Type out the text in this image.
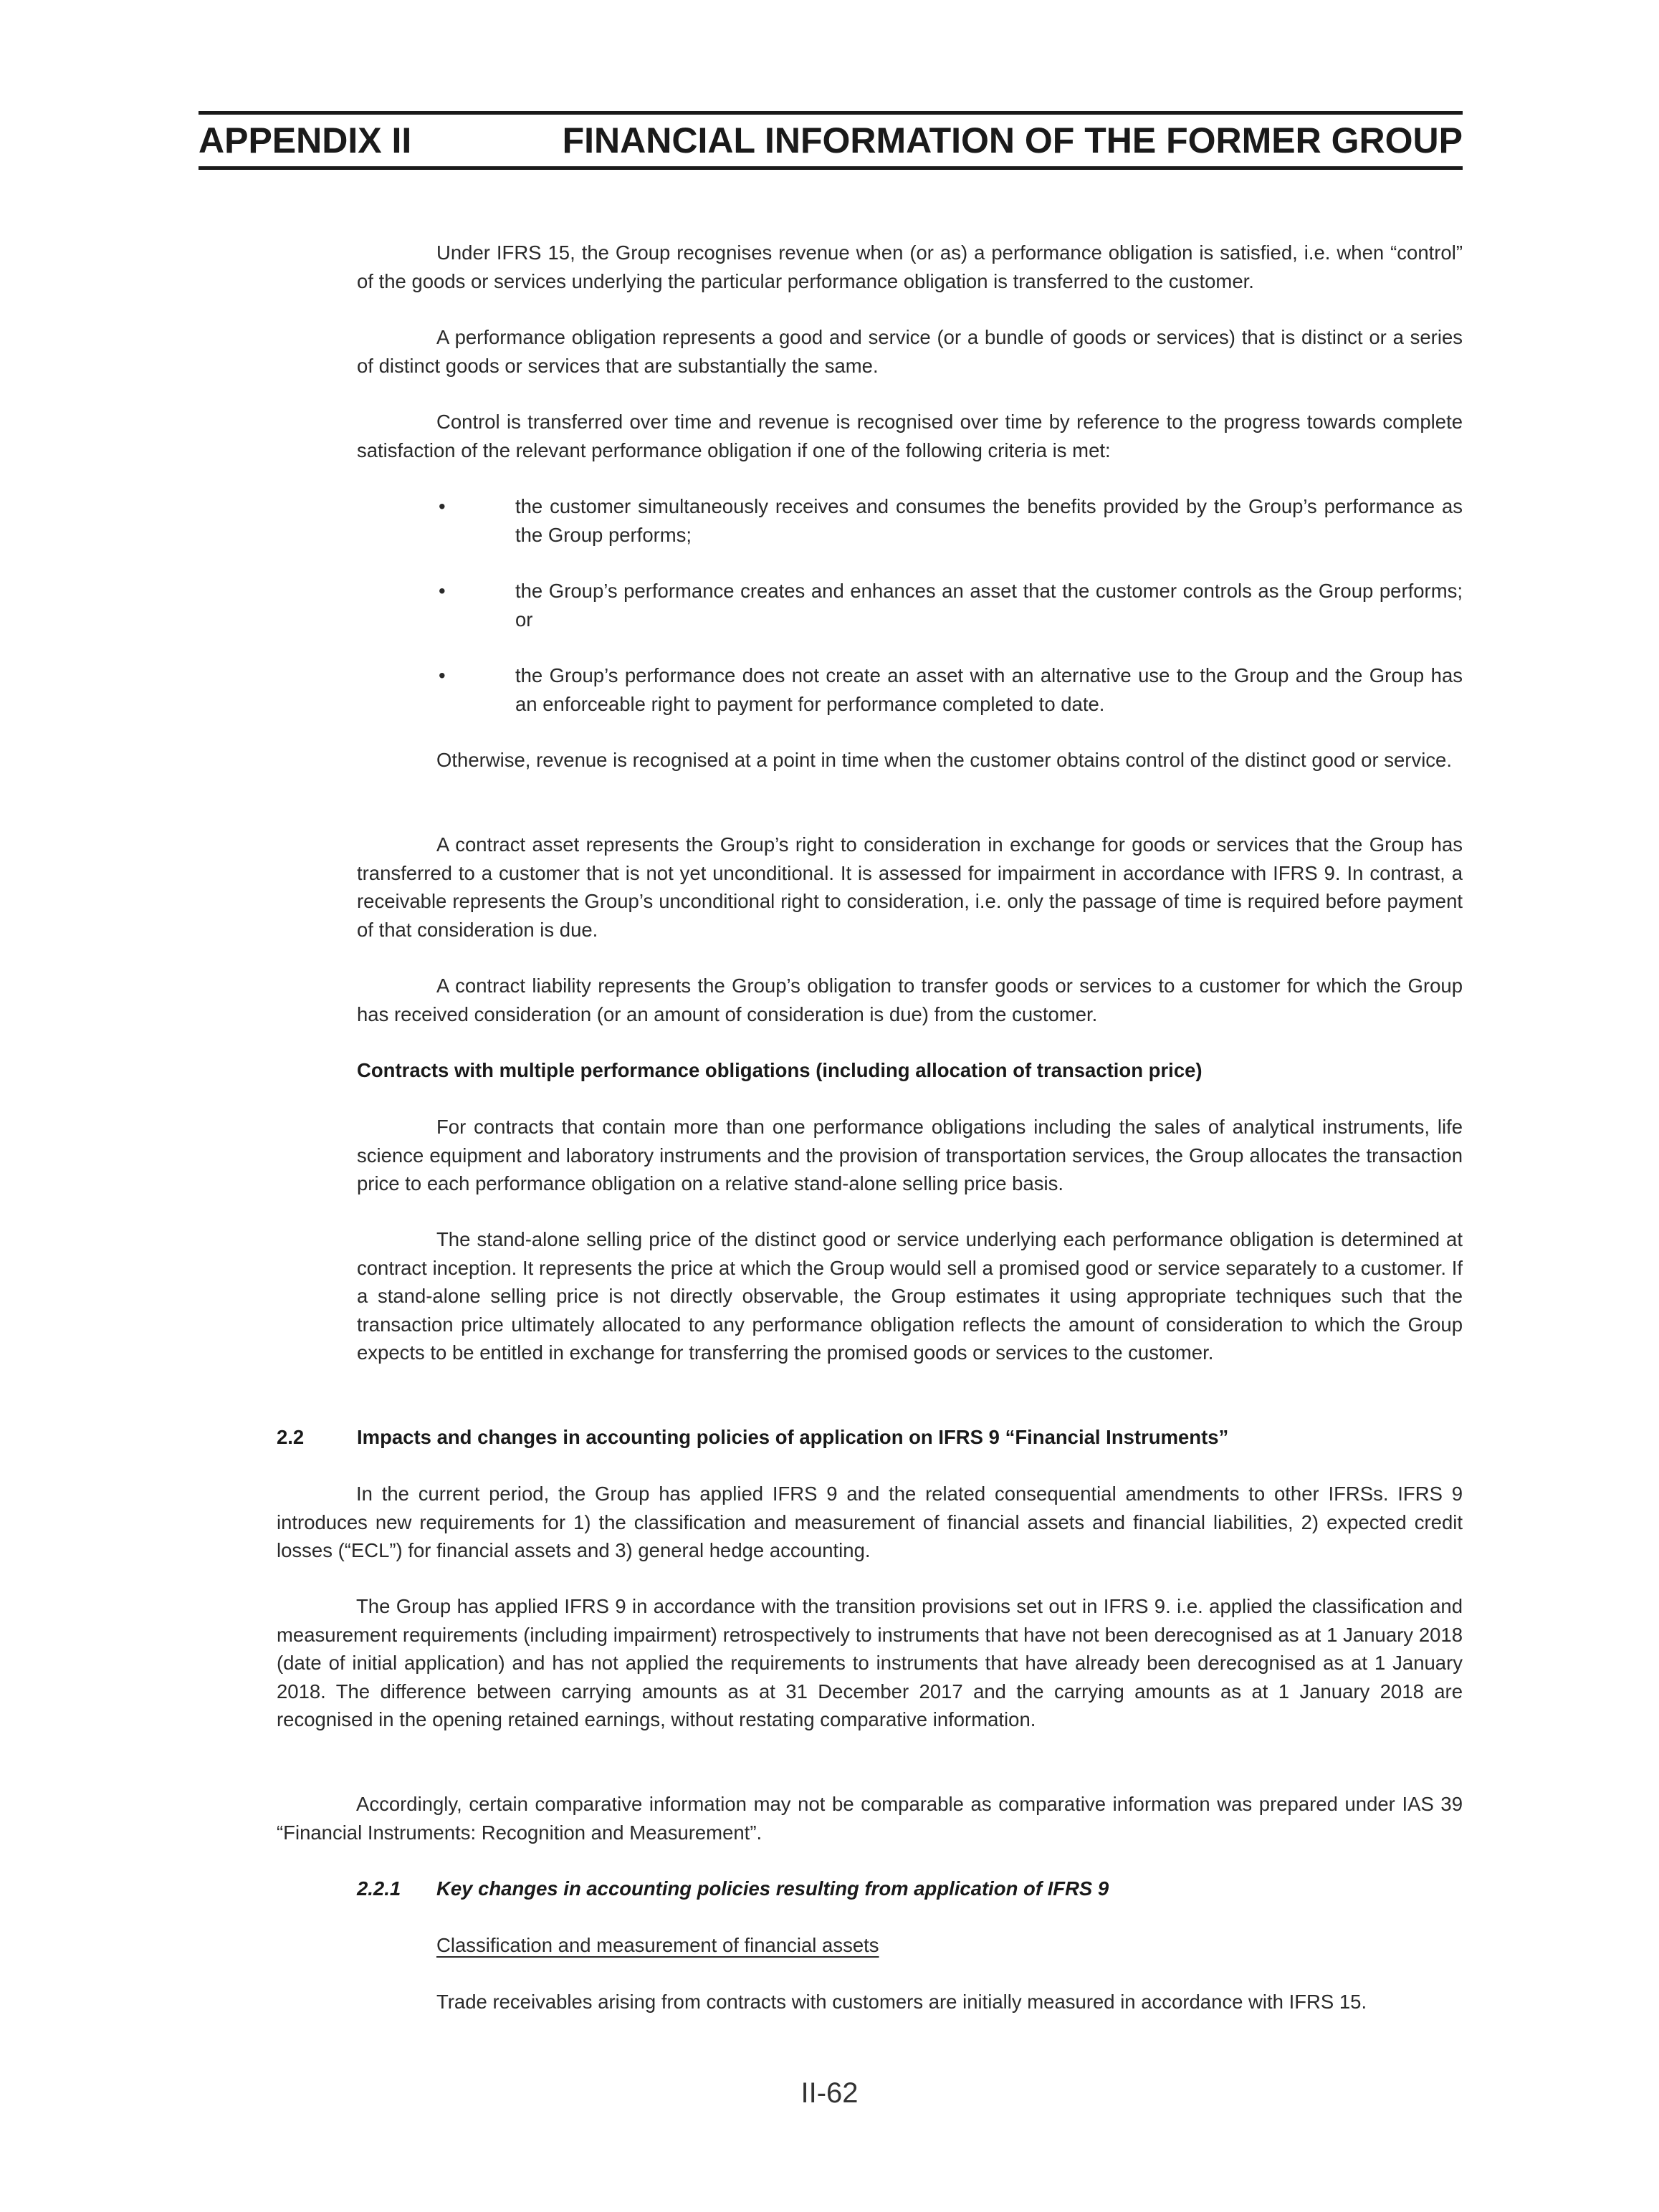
APPENDIX II	FINANCIAL INFORMATION OF THE FORMER GROUP

Under IFRS 15, the Group recognises revenue when (or as) a performance obligation is satisfied, i.e. when “control” of the goods or services underlying the particular performance obligation is transferred to the customer.

A performance obligation represents a good and service (or a bundle of goods or services) that is distinct or a series of distinct goods or services that are substantially the same.

Control is transferred over time and revenue is recognised over time by reference to the progress towards complete satisfaction of the relevant performance obligation if one of the following criteria is met:

•	the customer simultaneously receives and consumes the benefits provided by the Group’s performance as the Group performs;

•	the Group’s performance creates and enhances an asset that the customer controls as the Group performs; or

•	the Group’s performance does not create an asset with an alternative use to the Group and the Group has an enforceable right to payment for performance completed to date.

Otherwise, revenue is recognised at a point in time when the customer obtains control of the distinct good or service.

A contract asset represents the Group’s right to consideration in exchange for goods or services that the Group has transferred to a customer that is not yet unconditional. It is assessed for impairment in accordance with IFRS 9. In contrast, a receivable represents the Group’s unconditional right to consideration, i.e. only the passage of time is required before payment of that consideration is due.

A contract liability represents the Group’s obligation to transfer goods or services to a customer for which the Group has received consideration (or an amount of consideration is due) from the customer.

Contracts with multiple performance obligations (including allocation of transaction price)

For contracts that contain more than one performance obligations including the sales of analytical instruments, life science equipment and laboratory instruments and the provision of transportation services, the Group allocates the transaction price to each performance obligation on a relative stand-alone selling price basis.

The stand-alone selling price of the distinct good or service underlying each performance obligation is determined at contract inception. It represents the price at which the Group would sell a promised good or service separately to a customer. If a stand-alone selling price is not directly observable, the Group estimates it using appropriate techniques such that the transaction price ultimately allocated to any performance obligation reflects the amount of consideration to which the Group expects to be entitled in exchange for transferring the promised goods or services to the customer.

2.2	Impacts and changes in accounting policies of application on IFRS 9 “Financial Instruments”

In the current period, the Group has applied IFRS 9 and the related consequential amendments to other IFRSs. IFRS 9 introduces new requirements for 1) the classification and measurement of financial assets and financial liabilities, 2) expected credit losses (“ECL”) for financial assets and 3) general hedge accounting.

The Group has applied IFRS 9 in accordance with the transition provisions set out in IFRS 9. i.e. applied the classification and measurement requirements (including impairment) retrospectively to instruments that have not been derecognised as at 1 January 2018 (date of initial application) and has not applied the requirements to instruments that have already been derecognised as at 1 January 2018. The difference between carrying amounts as at 31 December 2017 and the carrying amounts as at 1 January 2018 are recognised in the opening retained earnings, without restating comparative information.

Accordingly, certain comparative information may not be comparable as comparative information was prepared under IAS 39 “Financial Instruments: Recognition and Measurement”.

2.2.1 Key changes in accounting policies resulting from application of IFRS 9
Classification and measurement of financial assets

Trade receivables arising from contracts with customers are initially measured in accordance with IFRS 15.

II-62
